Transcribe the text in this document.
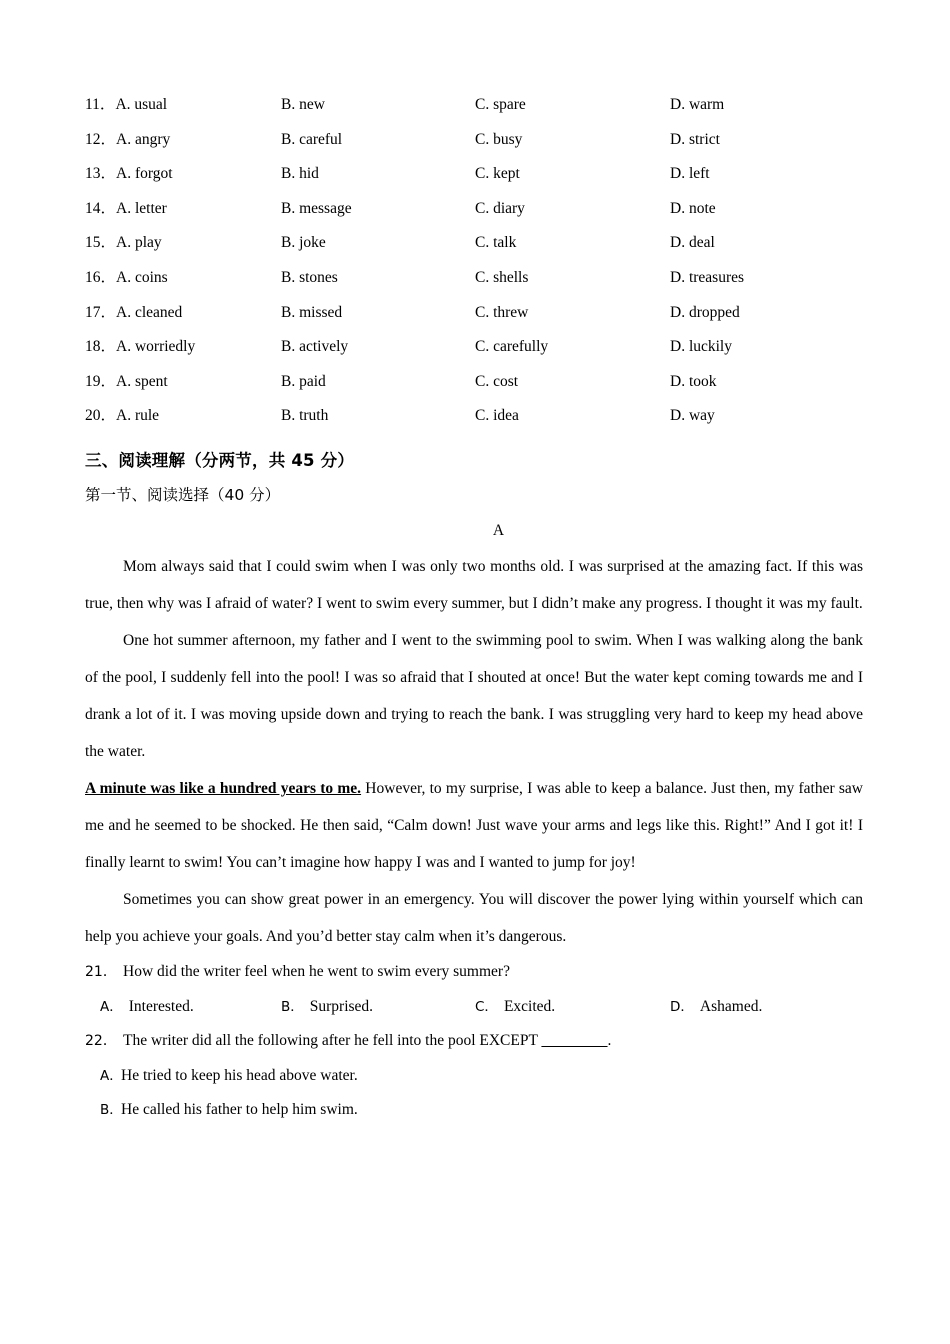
11．A. usual	B. new	C. spare	D. warm
12．A. angry	B. careful	C. busy	D. strict
13．A. forgot	B. hid	C. kept	D. left
14．A. letter	B. message	C. diary	D. note
15．A. play	B. joke	C. talk	D. deal
16．A. coins	B. stones	C. shells	D. treasures
17．A. cleaned	B. missed	C. threw	D. dropped
18．A. worriedly	B. actively	C. carefully	D. luckily
19．A. spent	B. paid	C. cost	D. took
20．A. rule	B. truth	C. idea	D. way
三、阅读理解（分两节，共 45 分）
第一节、阅读选择（40 分）
A

Mom always said that I could swim when I was only two months old. I was surprised at the amazing fact. If this was true, then why was I afraid of water? I went to swim every summer, but I didn’t make any progress. I thought it was my fault.

One hot summer afternoon, my father and I went to the swimming pool to swim. When I was walking along the bank of the pool, I suddenly fell into the pool! I was so afraid that I shouted at once! But the water kept coming towards me and I drank a lot of it. I was moving upside down and trying to reach the bank. I was struggling very hard to keep my head above the water.

A minute was like a hundred years to me. However, to my surprise, I was able to keep a balance. Just then, my father saw me and he seemed to be shocked. He then said, “Calm down! Just wave your arms and legs like this. Right!” And I got it! I finally learnt to swim! You can’t imagine how happy I was and I wanted to jump for joy!

Sometimes you can show great power in an emergency. You will discover the power lying within yourself which can help you achieve your goals. And you’d better stay calm when it’s dangerous.

21． How did the writer feel when he went to swim every summer?
A． Interested.	B． Surprised.	C． Excited.	D． Ashamed.
22． The writer did all the following after he fell into the pool EXCEPT ________.
A．
He tried to keep his head above water.
B．
He called his father to help him swim.
